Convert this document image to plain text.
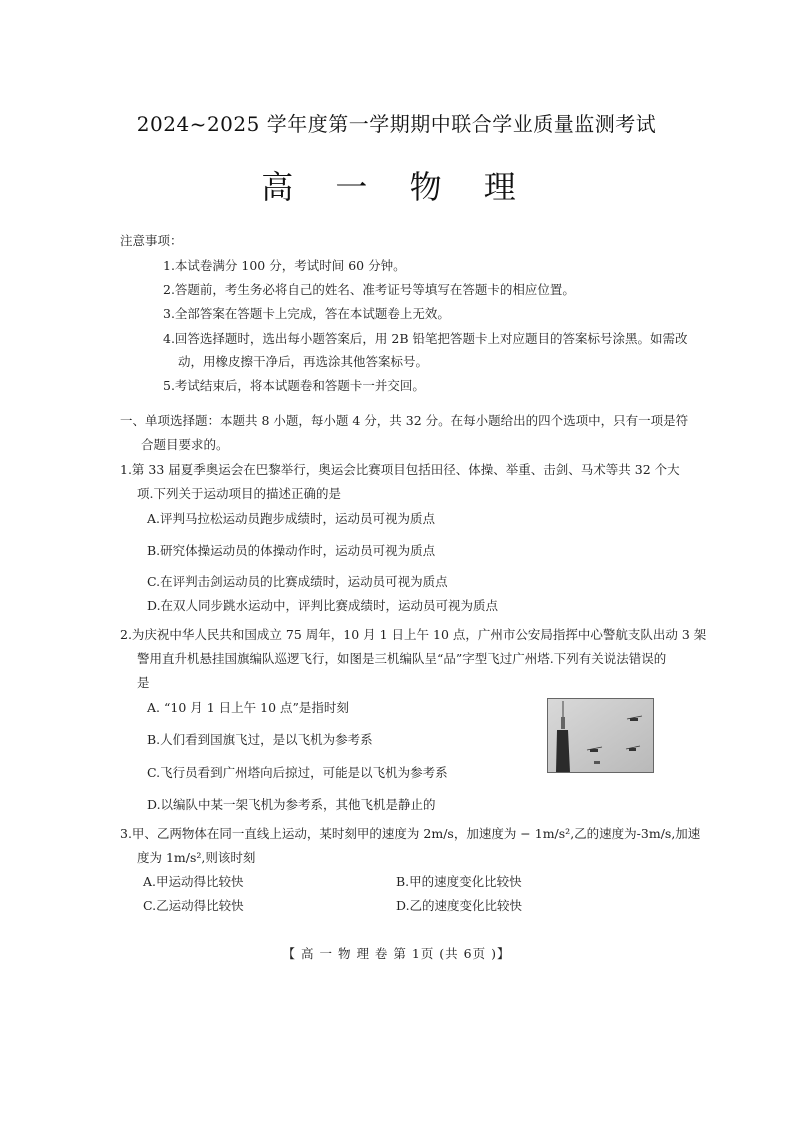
2024~2025 学年度第一学期期中联合学业质量监测考试
高 一 物 理
注意事项：
1.本试卷满分 100 分，考试时间 60 分钟。
2.答题前，考生务必将自己的姓名、准考证号等填写在答题卡的相应位置。
3.全部答案在答题卡上完成，答在本试题卷上无效。
4.回答选择题时，选出每小题答案后，用 2B 铅笔把答题卡上对应题目的答案标号涂黑。如需改
动，用橡皮擦干净后，再选涂其他答案标号。
5.考试结束后，将本试题卷和答题卡一并交回。
一、单项选择题：本题共 8 小题，每小题 4 分，共 32 分。在每小题给出的四个选项中，只有一项是符
合题目要求的。
1.第 33 届夏季奥运会在巴黎举行，奥运会比赛项目包括田径、体操、举重、击剑、马术等共 32 个大
项.下列关于运动项目的描述正确的是
A.评判马拉松运动员跑步成绩时，运动员可视为质点
B.研究体操运动员的体操动作时，运动员可视为质点
C.在评判击剑运动员的比赛成绩时，运动员可视为质点
D.在双人同步跳水运动中，评判比赛成绩时，运动员可视为质点
2.为庆祝中华人民共和国成立 75 周年，10 月 1 日上午 10 点，广州市公安局指挥中心警航支队出动 3 架
警用直升机悬挂国旗编队巡逻飞行，如图是三机编队呈“品”字型飞过广州塔.下列有关说法错误的
是
A. “10 月 1 日上午 10 点”是指时刻
B.人们看到国旗飞过，是以飞机为参考系
C.飞行员看到广州塔向后掠过，可能是以飞机为参考系
D.以编队中某一架飞机为参考系，其他飞机是静止的
3.甲、乙两物体在同一直线上运动，某时刻甲的速度为 2m/s，加速度为 − 1m/s²,乙的速度为-3m/s,加速
度为 1m/s²,则该时刻
A.甲运动得比较快	B.甲的速度变化比较快
C.乙运动得比较快	D.乙的速度变化比较快
【 高 一 物 理 卷 第 1页 (共 6页 )】
